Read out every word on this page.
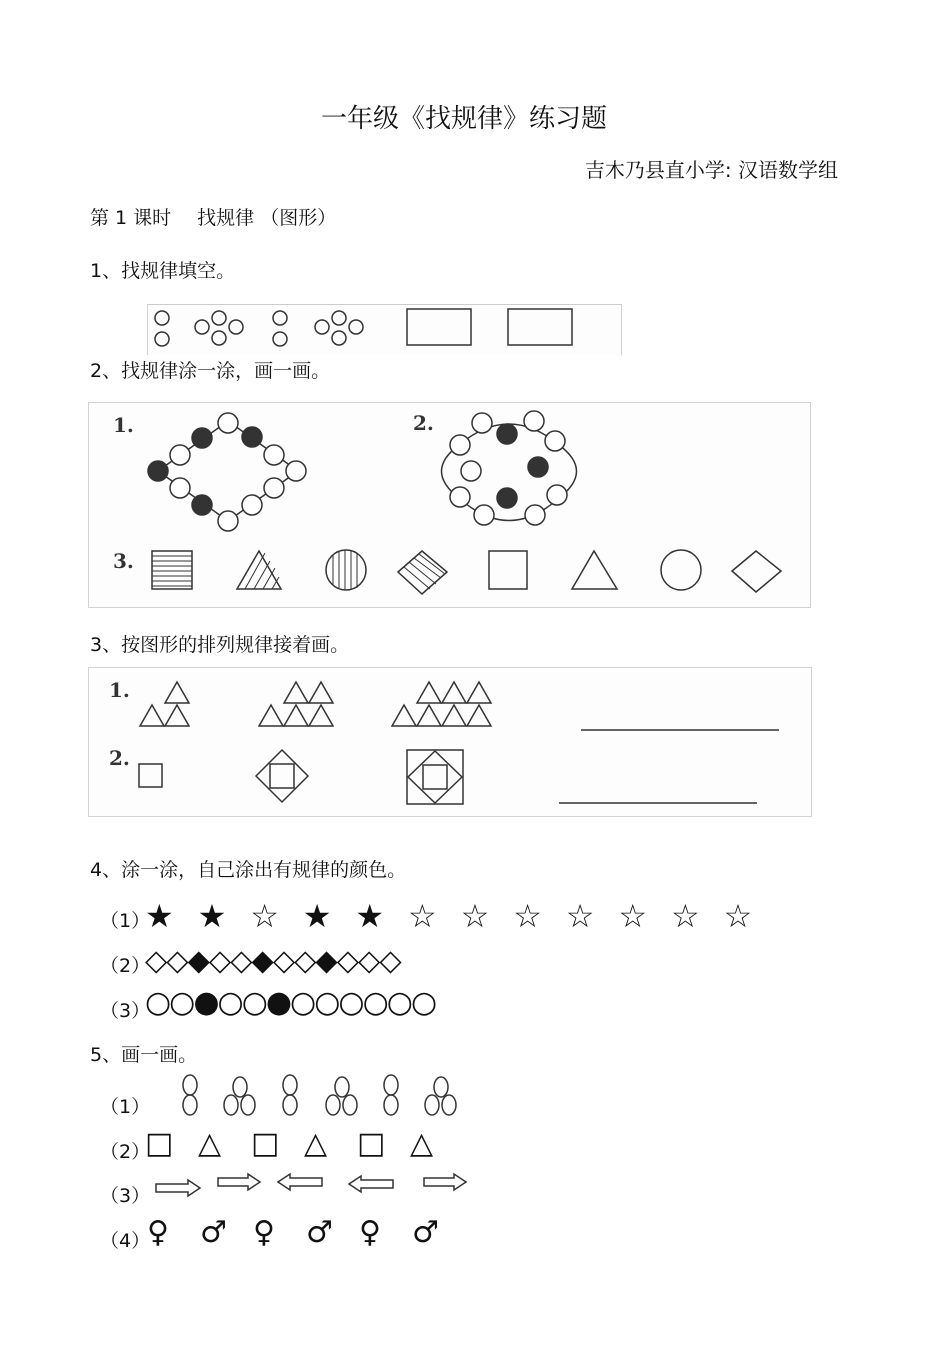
一年级《找规律》练习题
吉木乃县直小学: 汉语数学组
第 1 课时 找规律 （图形）
1、找规律填空。
2、找规律涂一涂，画一画。
1.	2.
3.
3、按图形的排列规律接着画。
1.
2.
4、涂一涂，自己涂出有规律的颜色。
（1）
★ ★ ☆ ★ ★ ☆ ☆ ☆ ☆ ☆ ☆ ☆
（2）
◇◇◆◇◇◆◇◇◆◇◇◇
（3）
○○●○○●○○○○○○
5、画一画。
（1）
（2）
□ △ □ △ □ △
（3）
（4）
♀ ♂ ♀ ♂ ♀ ♂
